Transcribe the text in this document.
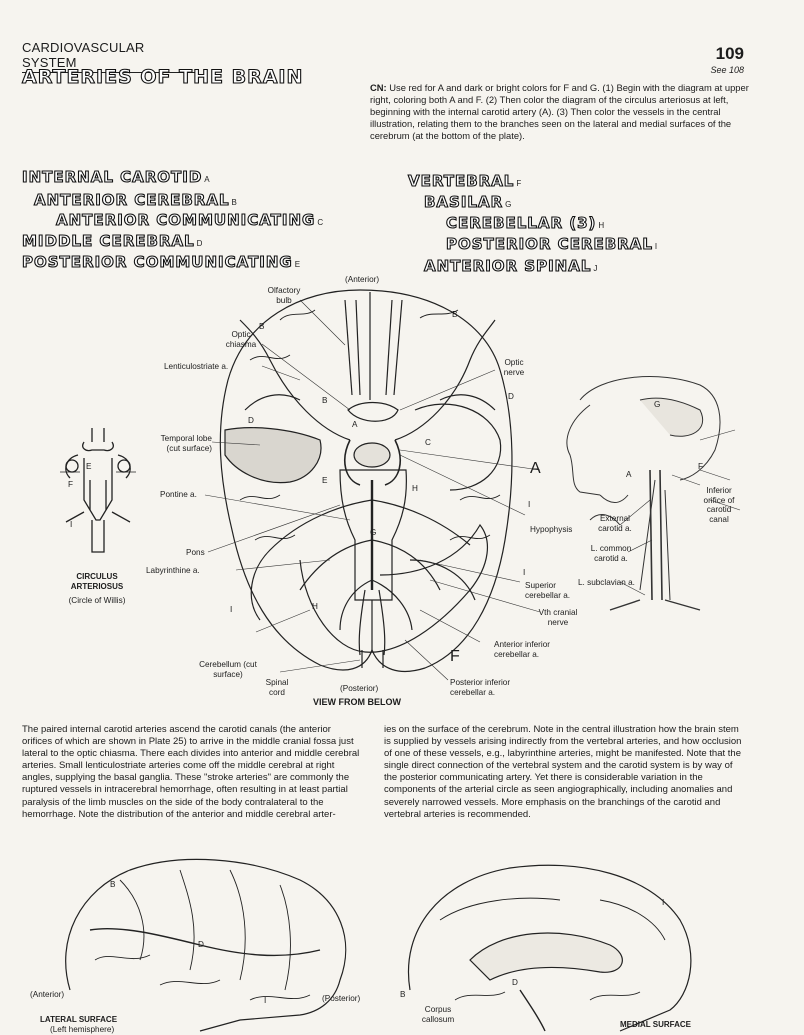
CARDIOVASCULAR SYSTEM	109
See 108
ARTERIES OF THE BRAIN	CN: Use red for A and dark or bright colors for F and G. (1) Begin with the diagram at upper right, coloring both A and F. (2) Then color the diagram of the circulus arteriosus at left, beginning with the internal carotid artery (A). (3) Then color the vessels in the central illustration, relating them to the branches seen on the lateral and medial surfaces of the cerebrum (at the bottom of the plate).
INTERNAL CAROTID A
ANTERIOR CEREBRAL B
ANTERIOR COMMUNICATING C
MIDDLE CEREBRAL D
POSTERIOR COMMUNICATING E
VERTEBRAL F
BASILAR G
CEREBELLAR (3) H
POSTERIOR CEREBRAL I
ANTERIOR SPINAL J
B
B
D
D
B
C
A
E
H
I
I
I	H
G
A
F
(Anterior)
Olfactory bulb
Optic chiasma
Lenticulostriate a.
Temporal lobe (cut surface)
Pontine a.
Pons
Labyrinthine a.
Optic nerve
Hypophysis
Superior cerebellar a.
Vth cranial nerve
Anterior inferior cerebellar a.
Posterior inferior cerebellar a.
Cerebellum (cut surface)
Spinal cord	(Posterior)
VIEW FROM BELOW
E
I
F
CIRCULUS ARTERIOSUS
(Circle of Willis)
G
F
A
Inferior orifice of carotid canal
External carotid a.
L. common carotid a.
L. subclavian a.
The paired internal carotid arteries ascend the carotid canals (the anterior orifices of which are shown in Plate 25) to arrive in the middle cranial fossa just lateral to the optic chiasma. There each divides into anterior and middle cerebral arteries. Small lenticulostriate arteries come off the middle cerebral at right angles, supplying the basal ganglia. These "stroke arteries" are commonly the ruptured vessels in intracerebral hemorrhage, often resulting in at least partial paralysis of the limb muscles on the side of the body contralateral to the hemorrhage. Note the distribution of the anterior and middle cerebral arter-
ies on the surface of the cerebrum. Note in the central illustration how the brain stem is supplied by vessels arising indirectly from the vertebral arteries, and how occlusion of one of these vessels, e.g., labyrinthine arteries, might be manifested. Note that the single direct connection of the vertebral system and the carotid system is by way of the posterior communicating artery. Yet there is considerable variation in the components of the arterial circle as seen angiographically, including anomalies and severely narrowed vessels. More emphasis on the branchings of the carotid and vertebral arteries is recommended.
(Anterior)	(Posterior)
LATERAL SURFACE
(Left hemisphere)
Corpus callosum
MEDIAL SURFACE
B
D
I
I
D
B
